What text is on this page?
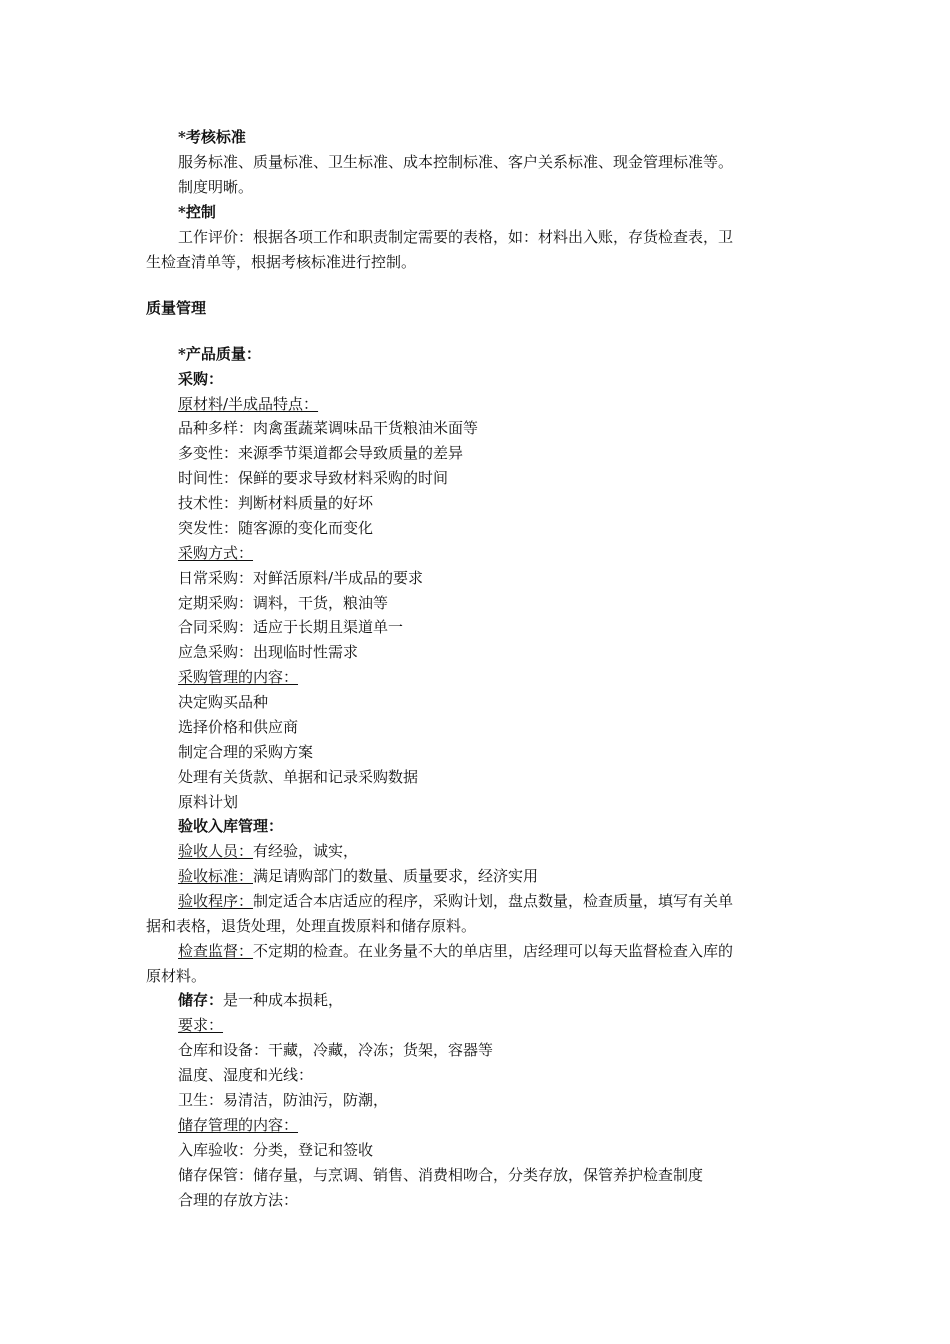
*考核标准
服务标准、质量标准、卫生标准、成本控制标准、客户关系标准、现金管理标准等。
制度明晰。
*控制
工作评价：根据各项工作和职责制定需要的表格，如：材料出入账，存货检查表，卫
生检查清单等，根据考核标准进行控制。
质量管理
*产品质量：
采购：
原材料/半成品特点：
品种多样：肉禽蛋蔬菜调味品干货粮油米面等
多变性：来源季节渠道都会导致质量的差异
时间性：保鲜的要求导致材料采购的时间
技术性：判断材料质量的好坏
突发性：随客源的变化而变化
采购方式：
日常采购：对鲜活原料/半成品的要求
定期采购：调料，干货，粮油等
合同采购：适应于长期且渠道单一
应急采购：出现临时性需求
采购管理的内容：
决定购买品种
选择价格和供应商
制定合理的采购方案
处理有关货款、单据和记录采购数据
原料计划
验收入库管理：
验收人员：有经验，诚实，
验收标准：满足请购部门的数量、质量要求，经济实用
验收程序：制定适合本店适应的程序，采购计划，盘点数量，检查质量，填写有关单
据和表格，退货处理，处理直拨原料和储存原料。
检查监督：不定期的检查。在业务量不大的单店里，店经理可以每天监督检查入库的
原材料。
储存：是一种成本损耗，
要求：
仓库和设备：干藏，冷藏，冷冻；货架，容器等
温度、湿度和光线：
卫生：易清洁，防油污，防潮，
储存管理的内容：
入库验收：分类，登记和签收
储存保管：储存量，与烹调、销售、消费相吻合，分类存放，保管养护检查制度
合理的存放方法：
